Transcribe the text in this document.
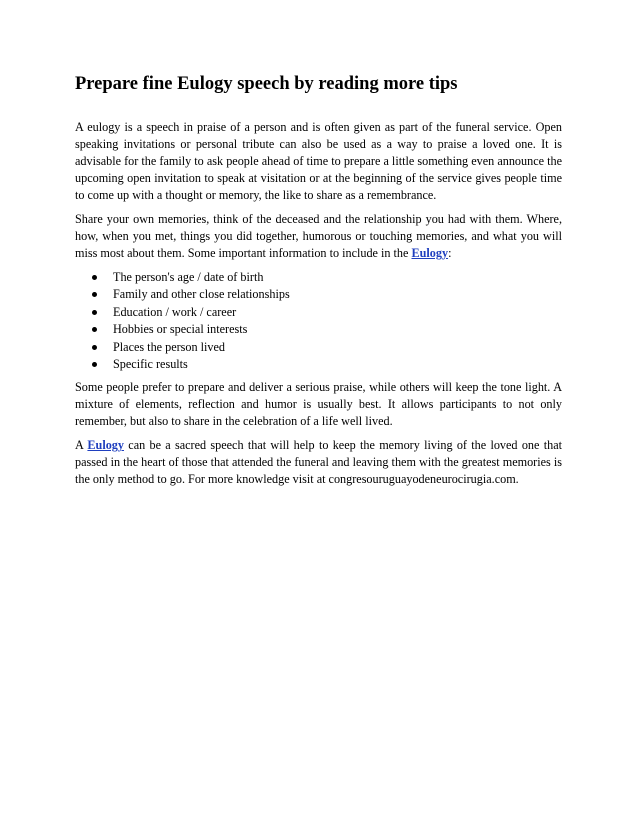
Prepare fine Eulogy speech by reading more tips

A eulogy is a speech in praise of a person and is often given as part of the funeral service. Open speaking invitations or personal tribute can also be used as a way to praise a loved one. It is advisable for the family to ask people ahead of time to prepare a little something even announce the upcoming open invitation to speak at visitation or at the beginning of the service gives people time to come up with a thought or memory, the like to share as a remembrance.

Share your own memories, think of the deceased and the relationship you had with them. Where, how, when you met, things you did together, humorous or touching memories, and what you will miss most about them. Some important information to include in the Eulogy:

The person's age / date of birth
Family and other close relationships
Education / work / career
Hobbies or special interests
Places the person lived
Specific results

Some people prefer to prepare and deliver a serious praise, while others will keep the tone light. A mixture of elements, reflection and humor is usually best. It allows participants to not only remember, but also to share in the celebration of a life well lived.

A Eulogy can be a sacred speech that will help to keep the memory living of the loved one that passed in the heart of those that attended the funeral and leaving them with the greatest memories is the only method to go. For more knowledge visit at congresouruguayodeneurocirugia.com.
